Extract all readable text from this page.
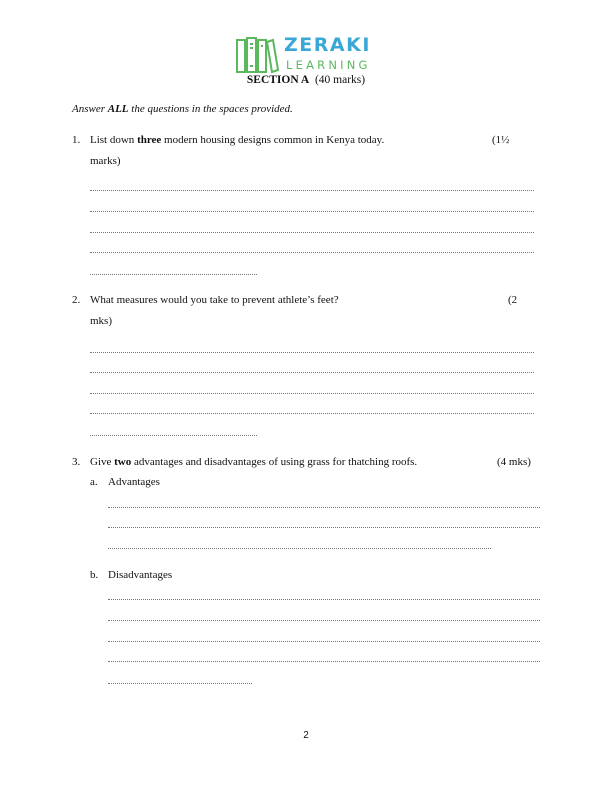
ZERAKI
LEARNING
SECTION A (40 marks)
Answer ALL the questions in the spaces provided.
1. List down three modern housing designs common in Kenya today.	(1½
marks)
2. What measures would you take to prevent athlete’s feet?	(2
mks)
3. Give two advantages and disadvantages of using grass for thatching roofs.	(4 mks)
a. Advantages
b. Disadvantages
2
